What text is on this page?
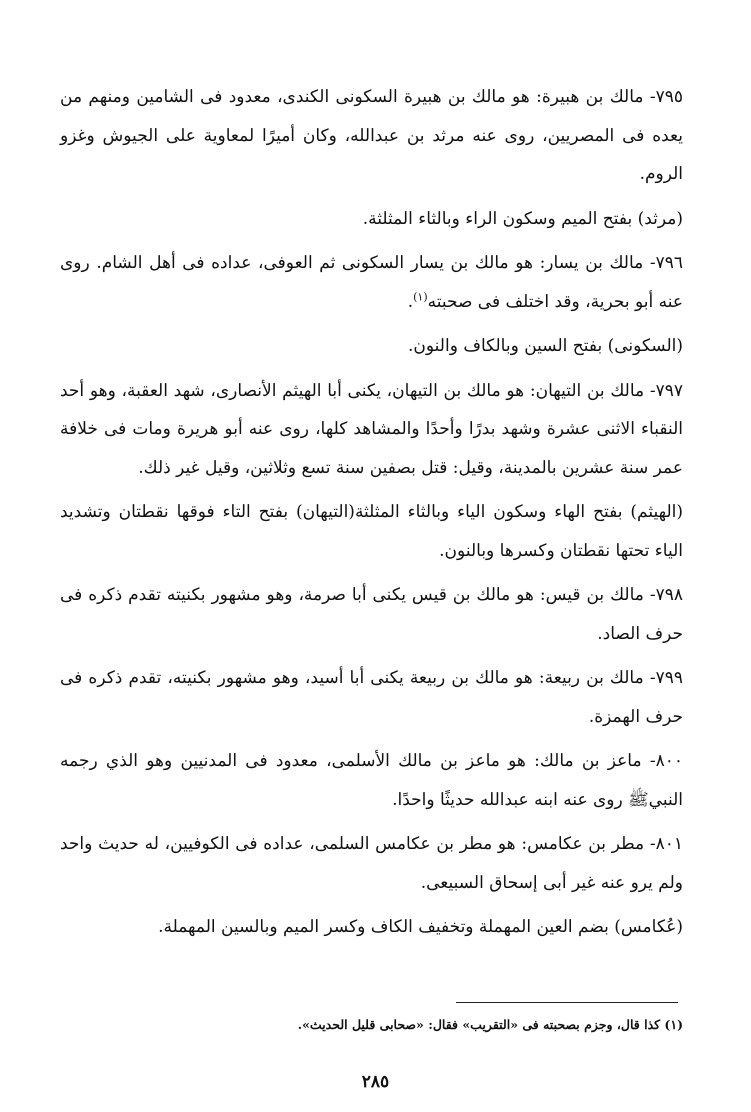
٧٩٥- مالك بن هبيرة: هو مالك بن هبيرة السكونى الكندى، معدود فى الشامين ومنهم من يعده فى المصريين، روى عنه مرثد بن عبدالله، وكان أميرًا لمعاوية على الجيوش وغزو الروم.

(مرثد) بفتح الميم وسكون الراء وبالثاء المثلثة.

٧٩٦- مالك بن يسار: هو مالك بن يسار السكونى ثم العوفى، عداده فى أهل الشام. روى عنه أبو بحرية، وقد اختلف فى صحبته$^{(١)}$.

(السكونى) بفتح السين وبالكاف والنون.

٧٩٧- مالك بن التيهان: هو مالك بن التيهان، يكنى أبا الهيثم الأنصارى، شهد العقبة، وهو أحد النقباء الاثنى عشرة وشهد بدرًا وأحدًا والمشاهد كلها، روى عنه أبو هريرة ومات فى خلافة عمر سنة عشرين بالمدينة، وقيل: قتل بصفين سنة تسع وثلاثين، وقيل غير ذلك.

(الهيثم) بفتح الهاء وسكون الياء وبالثاء المثلثة(التيهان) بفتح التاء فوقها نقطتان وتشديد الياء تحتها نقطتان وكسرها وبالنون.

٧٩٨- مالك بن قيس: هو مالك بن قيس يكنى أبا صرمة، وهو مشهور بكنيته تقدم ذكره فى حرف الصاد.

٧٩٩- مالك بن ربيعة: هو مالك بن ربيعة يكنى أبا أسيد، وهو مشهور بكنيته، تقدم ذكره فى حرف الهمزة.

٨٠٠- ماعز بن مالك: هو ماعز بن مالك الأسلمى، معدود فى المدنيين وهو الذي رجمه النبيﷺ روى عنه ابنه عبدالله حديثًا واحدًا.

٨٠١- مطر بن عكامس: هو مطر بن عكامس السلمى، عداده فى الكوفيين، له حديث واحد ولم يرو عنه غير أبى إسحاق السبيعى.

(عُكامس) بضم العين المهملة وتخفيف الكاف وكسر الميم وبالسين المهملة.

(١) كذا قال، وجزم بصحبته فى «التقريب» فقال: «صحابى قليل الحديث».
٢٨٥
